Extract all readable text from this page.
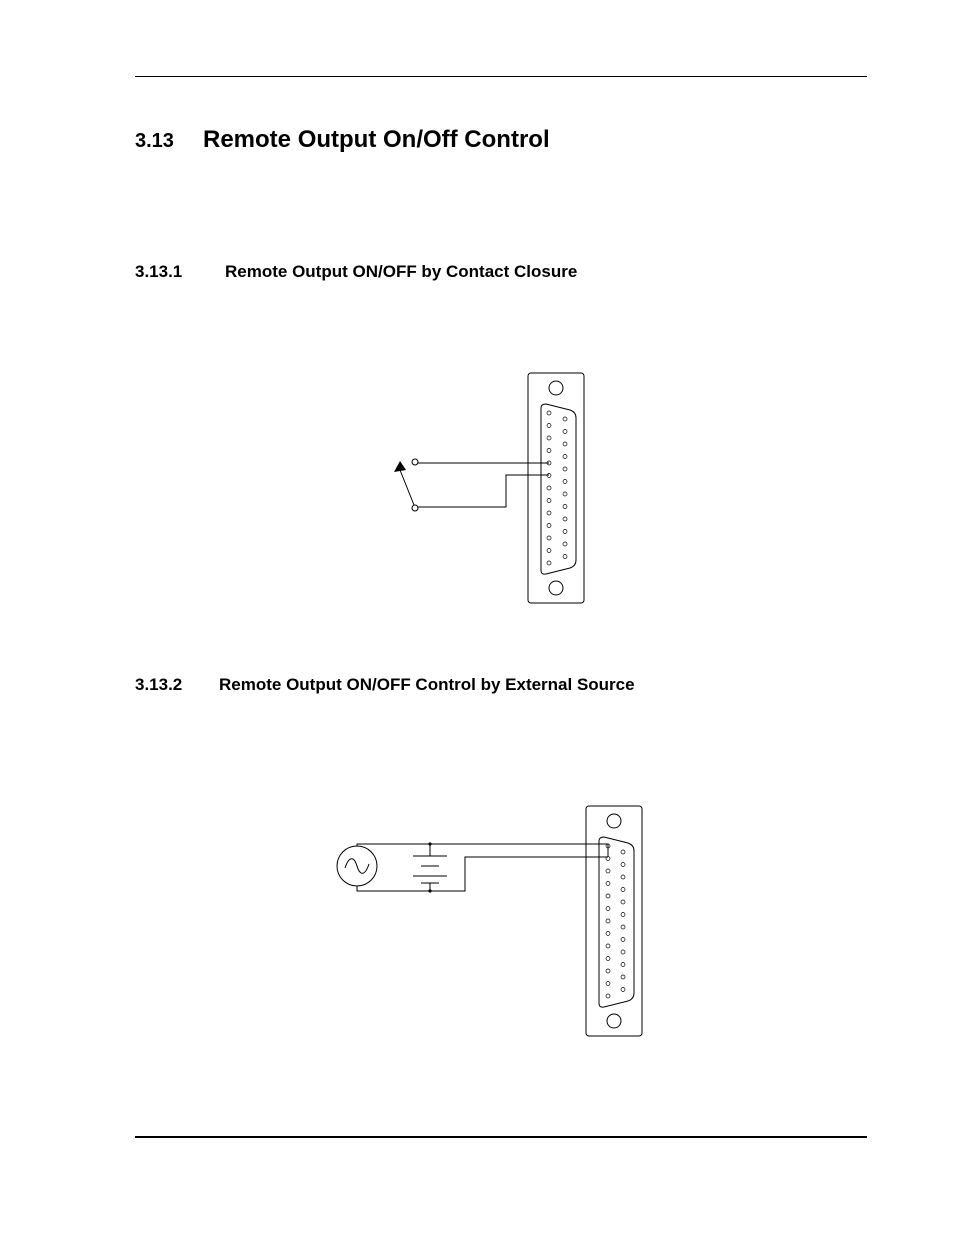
3.13 Remote Output On/Off Control
3.13.1	Remote Output ON/OFF by Contact Closure
3.13.2 Remote Output ON/OFF Control by External Source
